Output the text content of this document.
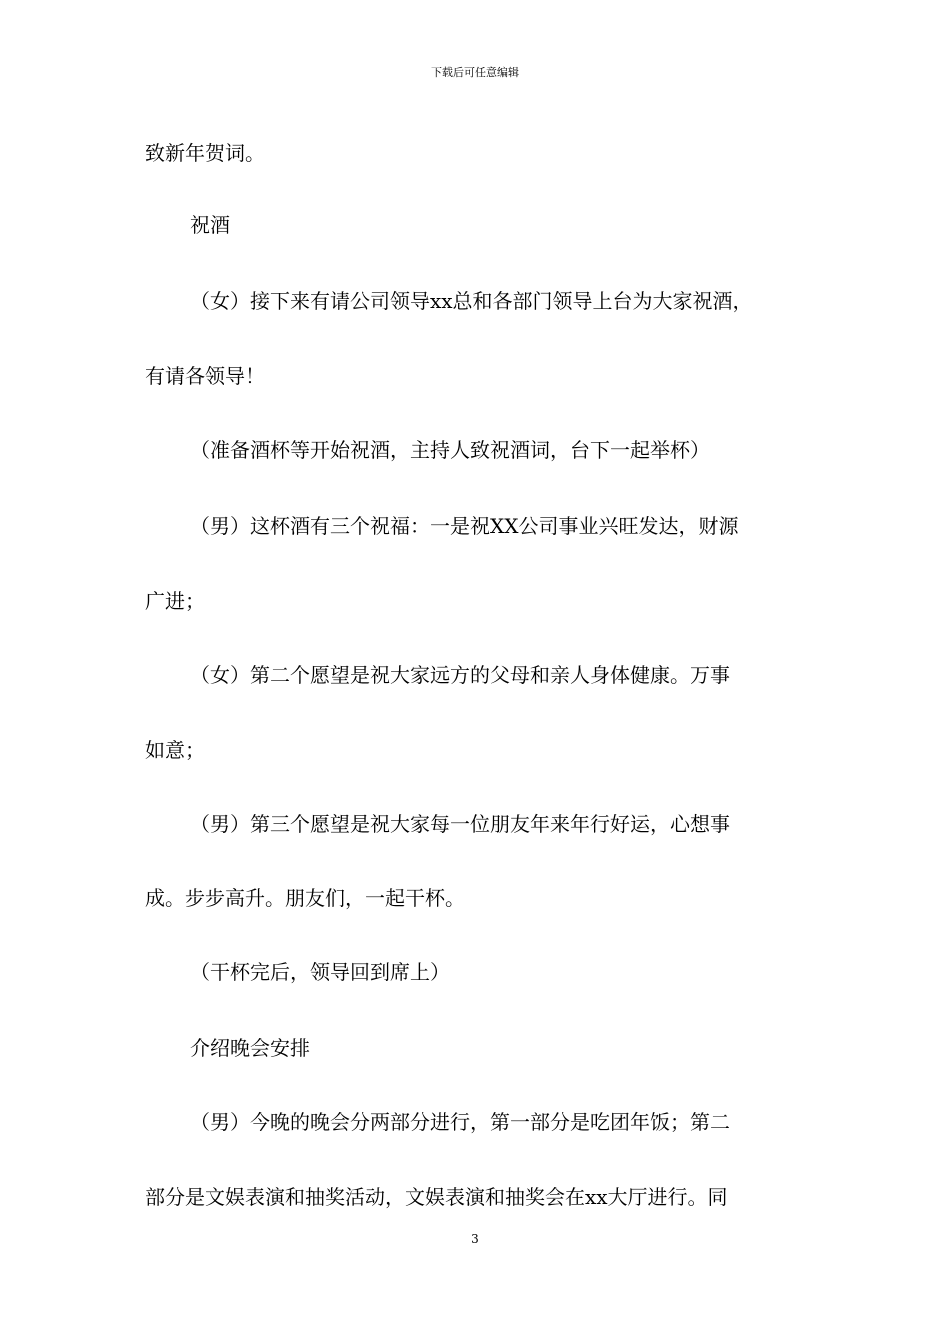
下载后可任意编辑
致新年贺词。
祝酒
（女）接下来有请公司领导xx总和各部门领导上台为大家祝酒，
有请各领导！
（准备酒杯等开始祝酒，主持人致祝酒词，台下一起举杯）
（男）这杯酒有三个祝福：一是祝XX公司事业兴旺发达，财源
广进；
（女）第二个愿望是祝大家远方的父母和亲人身体健康。万事
如意；
（男）第三个愿望是祝大家每一位朋友年来年行好运，心想事
成。步步高升。朋友们，一起干杯。
（干杯完后，领导回到席上）
介绍晚会安排
（男）今晚的晚会分两部分进行，第一部分是吃团年饭；第二
部分是文娱表演和抽奖活动，文娱表演和抽奖会在xx大厅进行。同
3
